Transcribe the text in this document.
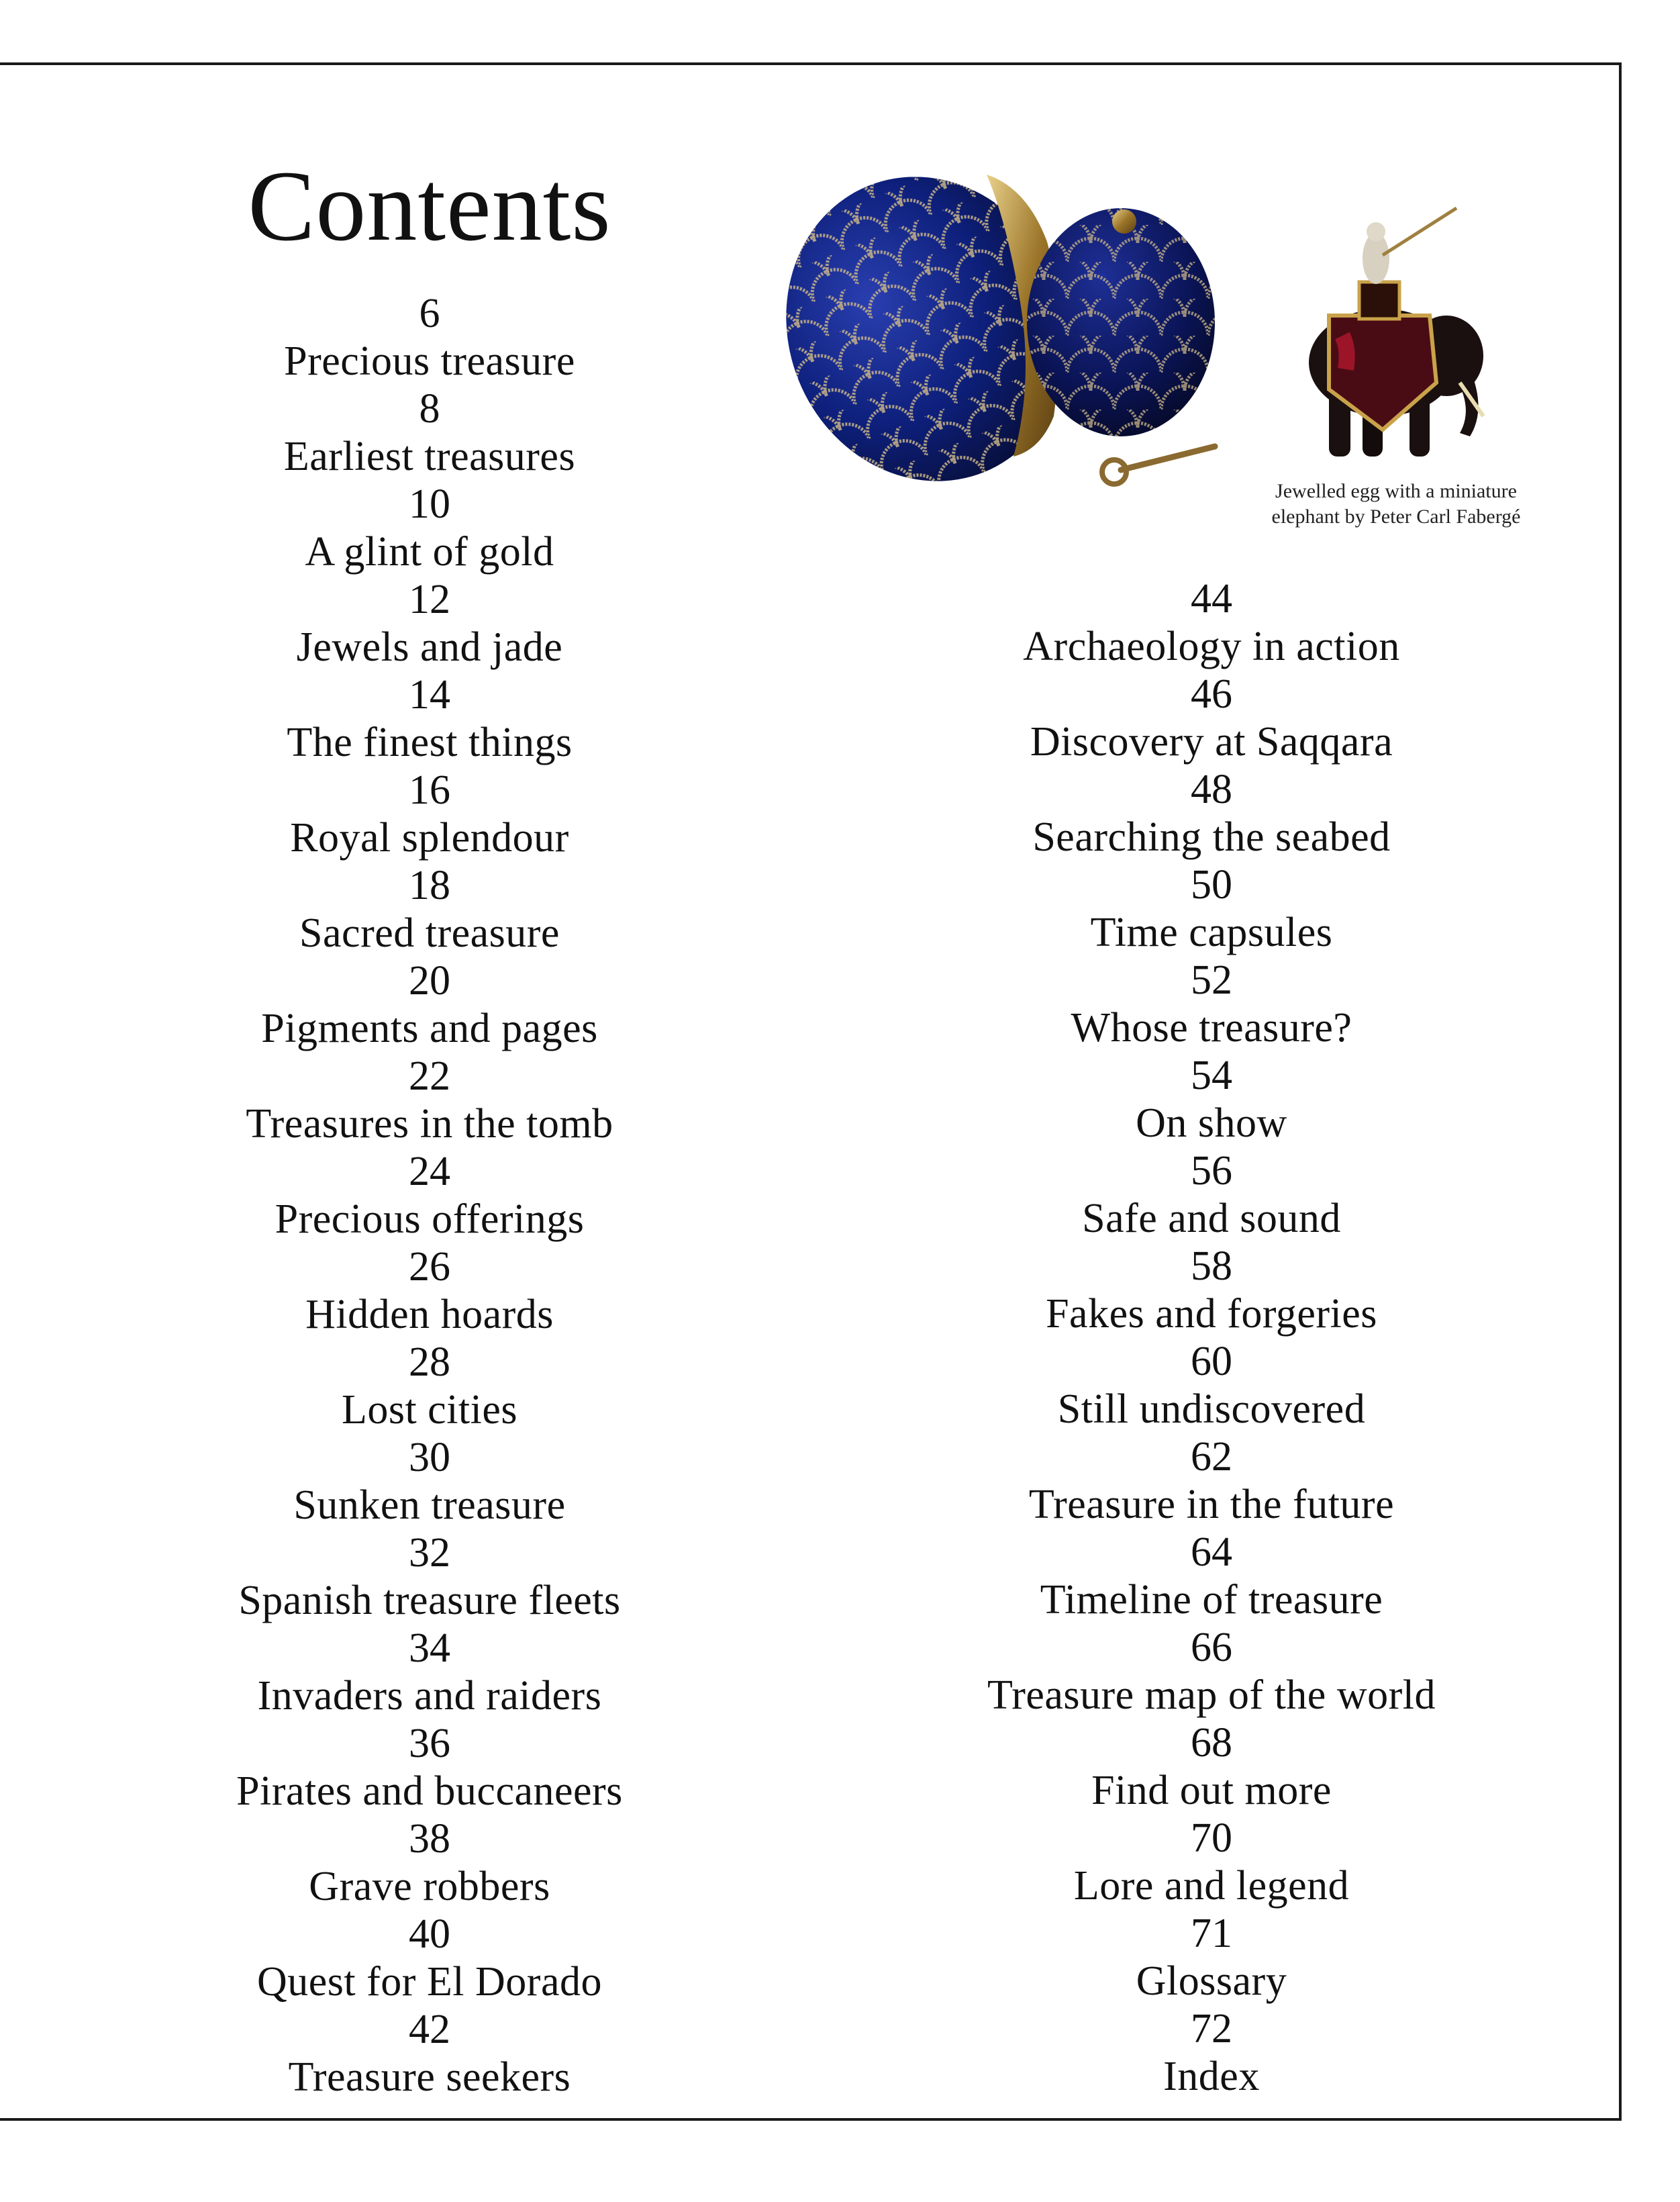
Contents
6
Precious treasure
8
Earliest treasures
10
A glint of gold
12
Jewels and jade
14
The finest things
16
Royal splendour
18
Sacred treasure
20
Pigments and pages
22
Treasures in the tomb
24
Precious offerings
26
Hidden hoards
28
Lost cities
30
Sunken treasure
32
Spanish treasure fleets
34
Invaders and raiders
36
Pirates and buccaneers
38
Grave robbers
40
Quest for El Dorado
42
Treasure seekers
44
Archaeology in action
46
Discovery at Saqqara
48
Searching the seabed
50
Time capsules
52
Whose treasure?
54
On show
56
Safe and sound
58
Fakes and forgeries
60
Still undiscovered
62
Treasure in the future
64
Timeline of treasure
66
Treasure map of the world
68
Find out more
70
Lore and legend
71
Glossary
72
Index
Jewelled egg with a miniature
elephant by Peter Carl Fabergé
